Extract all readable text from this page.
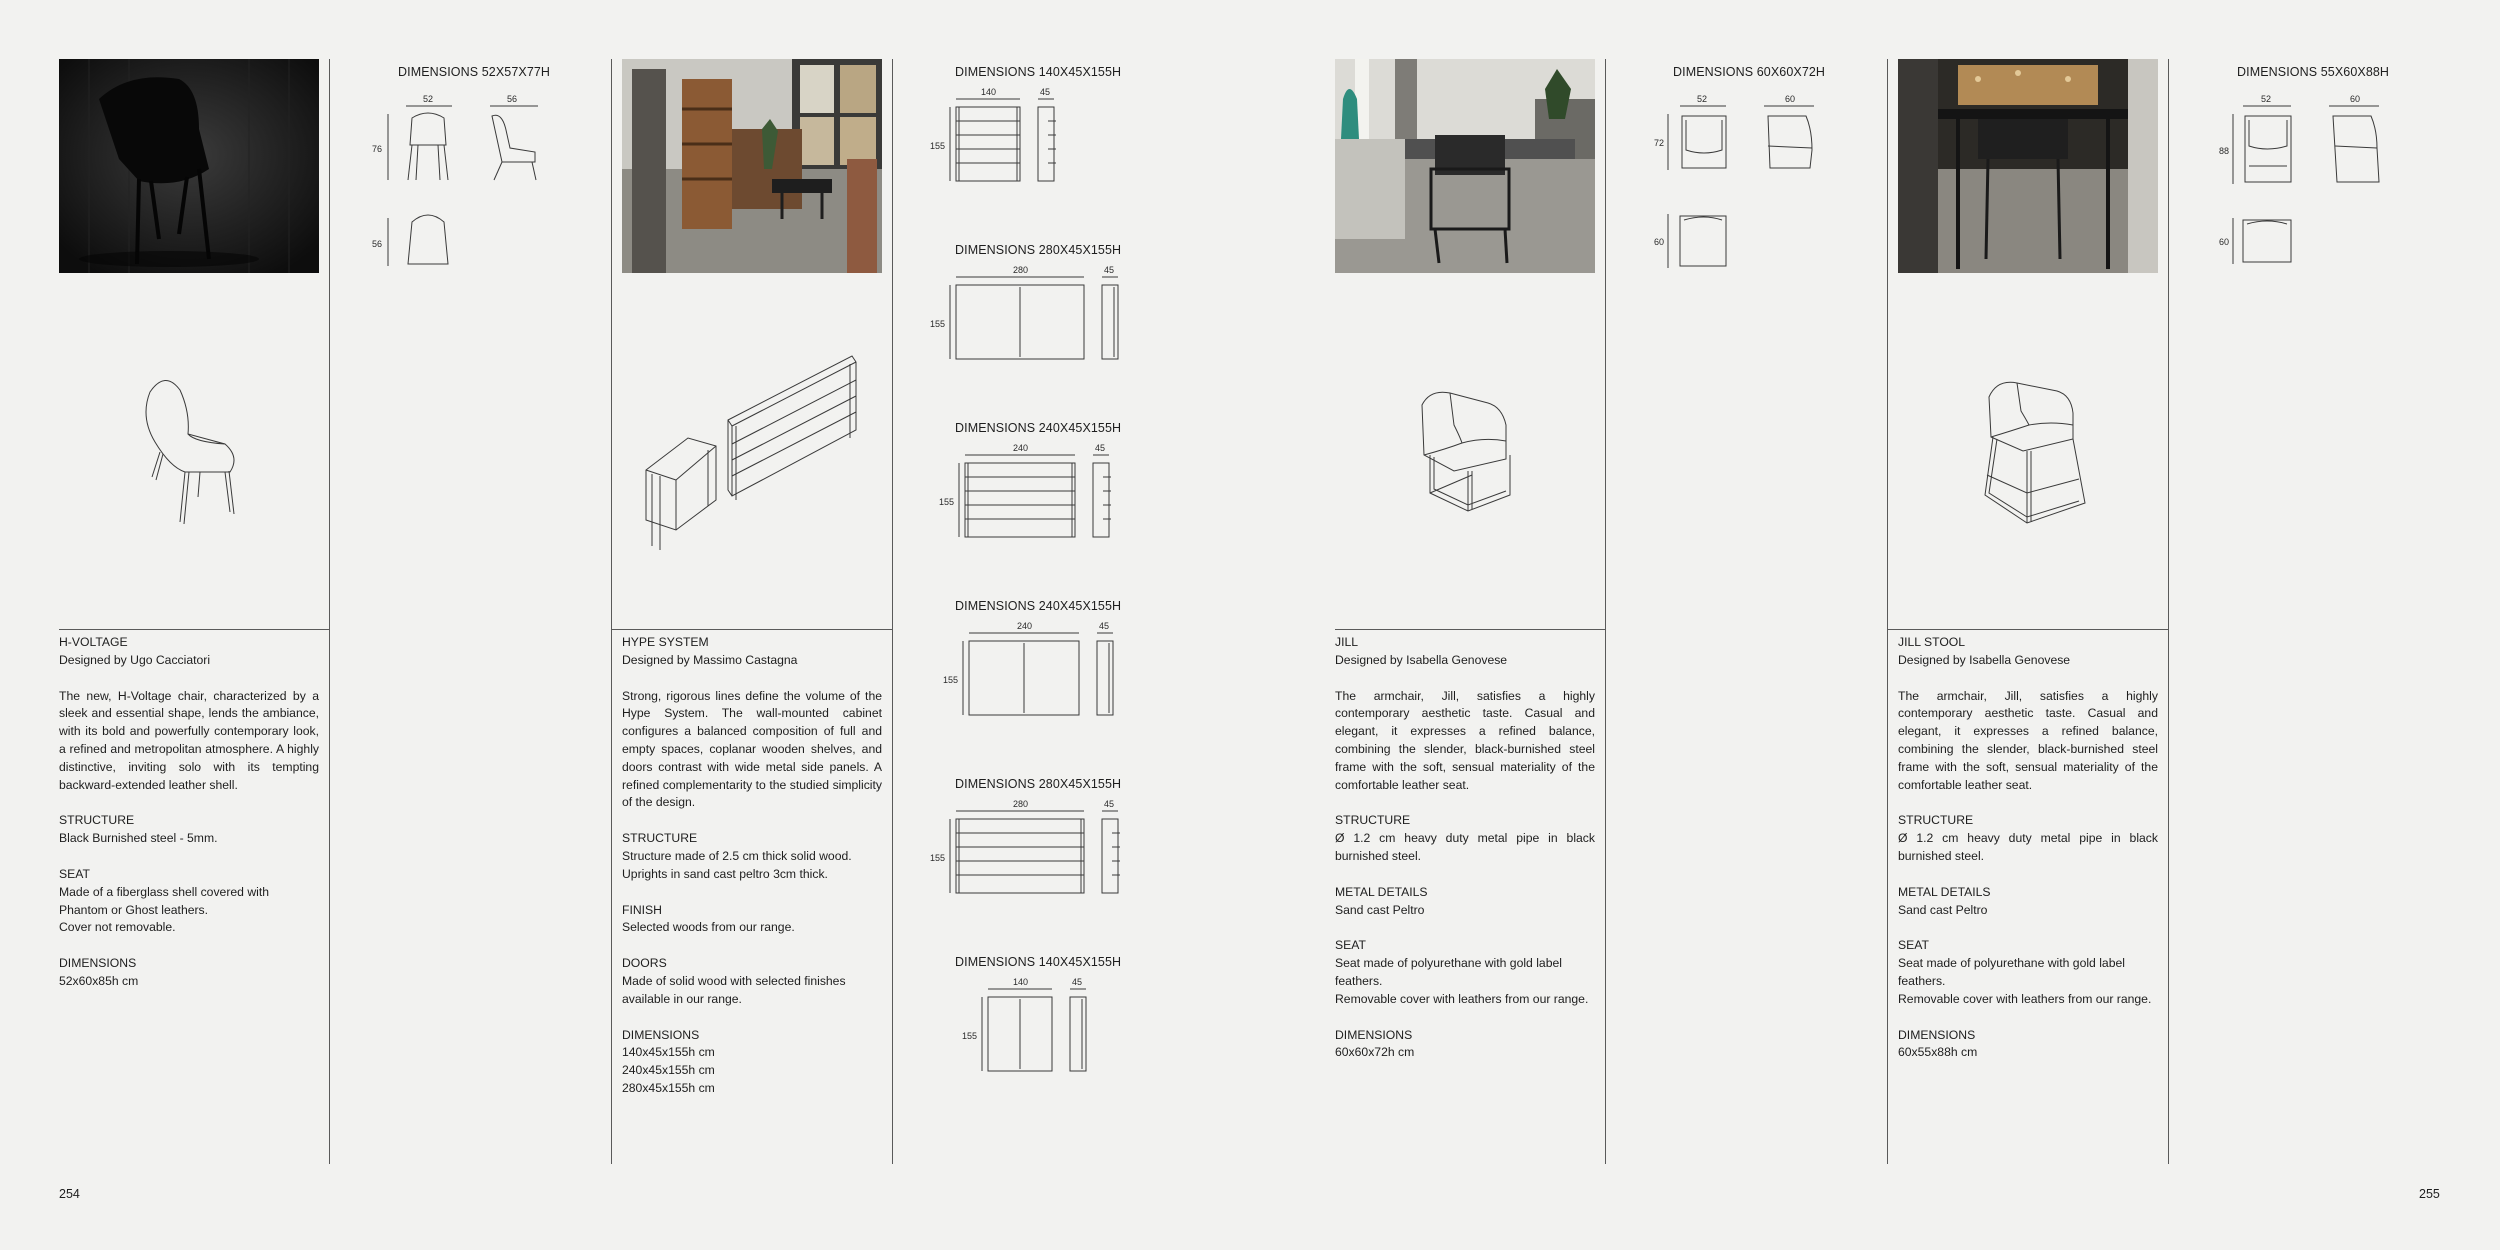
H-VOLTAGE

Designed by Ugo Cacciatori

The new, H-Voltage chair, characterized by a sleek and essential shape, lends the ambiance, with its bold and powerfully contemporary look, a refined and metropolitan atmosphere. A highly distinctive, inviting solo with its tempting backward-extended leather shell.

STRUCTURE

Black Burnished steel - 5mm.

SEAT

Made of a fiberglass shell covered with Phantom or Ghost leathers.

Cover not removable.

DIMENSIONS

52x60x85h cm

DIMENSIONS 52X57X77H
52
76
56
56

HYPE SYSTEM

Designed by Massimo Castagna

Strong, rigorous lines define the volume of the Hype System. The wall-mounted cabinet configures a balanced composition of full and empty spaces, coplanar wooden shelves, and doors contrast with wide metal side panels. A refined complementarity to the studied simplicity of the design.

STRUCTURE

Structure made of 2.5 cm thick solid wood.

Uprights in sand cast peltro 3cm thick.

FINISH

Selected woods from our range.

DOORS

Made of solid wood with selected finishes available in our range.

DIMENSIONS

140x45x155h cm

240x45x155h cm

280x45x155h cm

DIMENSIONS 140X45X155H
140
155
45
DIMENSIONS 280X45X155H
280
155
45
DIMENSIONS 240X45X155H
240
155
45
DIMENSIONS 240X45X155H
240
155
45
DIMENSIONS 280X45X155H
280
155
45
DIMENSIONS 140X45X155H
140
155
45

JILL

Designed by Isabella Genovese

The armchair, Jill, satisfies a highly contemporary aesthetic taste. Casual and elegant, it expresses a refined balance, combining the slender, black-burnished steel frame with the soft, sensual materiality of the comfortable leather seat.

STRUCTURE

Ø 1.2 cm heavy duty metal pipe in black burnished steel.

METAL DETAILS

Sand cast Peltro

SEAT

Seat made of polyurethane with gold label feathers.

Removable cover with leathers from our range.

DIMENSIONS

60x60x72h cm

DIMENSIONS 60X60X72H
52
72
60
60

JILL STOOL

Designed by Isabella Genovese

The armchair, Jill, satisfies a highly contemporary aesthetic taste. Casual and elegant, it expresses a refined balance, combining the slender, black-burnished steel frame with the soft, sensual materiality of the comfortable leather seat.

STRUCTURE

Ø 1.2 cm heavy duty metal pipe in black burnished steel.

METAL DETAILS

Sand cast Peltro

SEAT

Seat made of polyurethane with gold label feathers.

Removable cover with leathers from our range.

DIMENSIONS

60x55x88h cm

DIMENSIONS 55X60X88H
52
88
60
60
254	255
